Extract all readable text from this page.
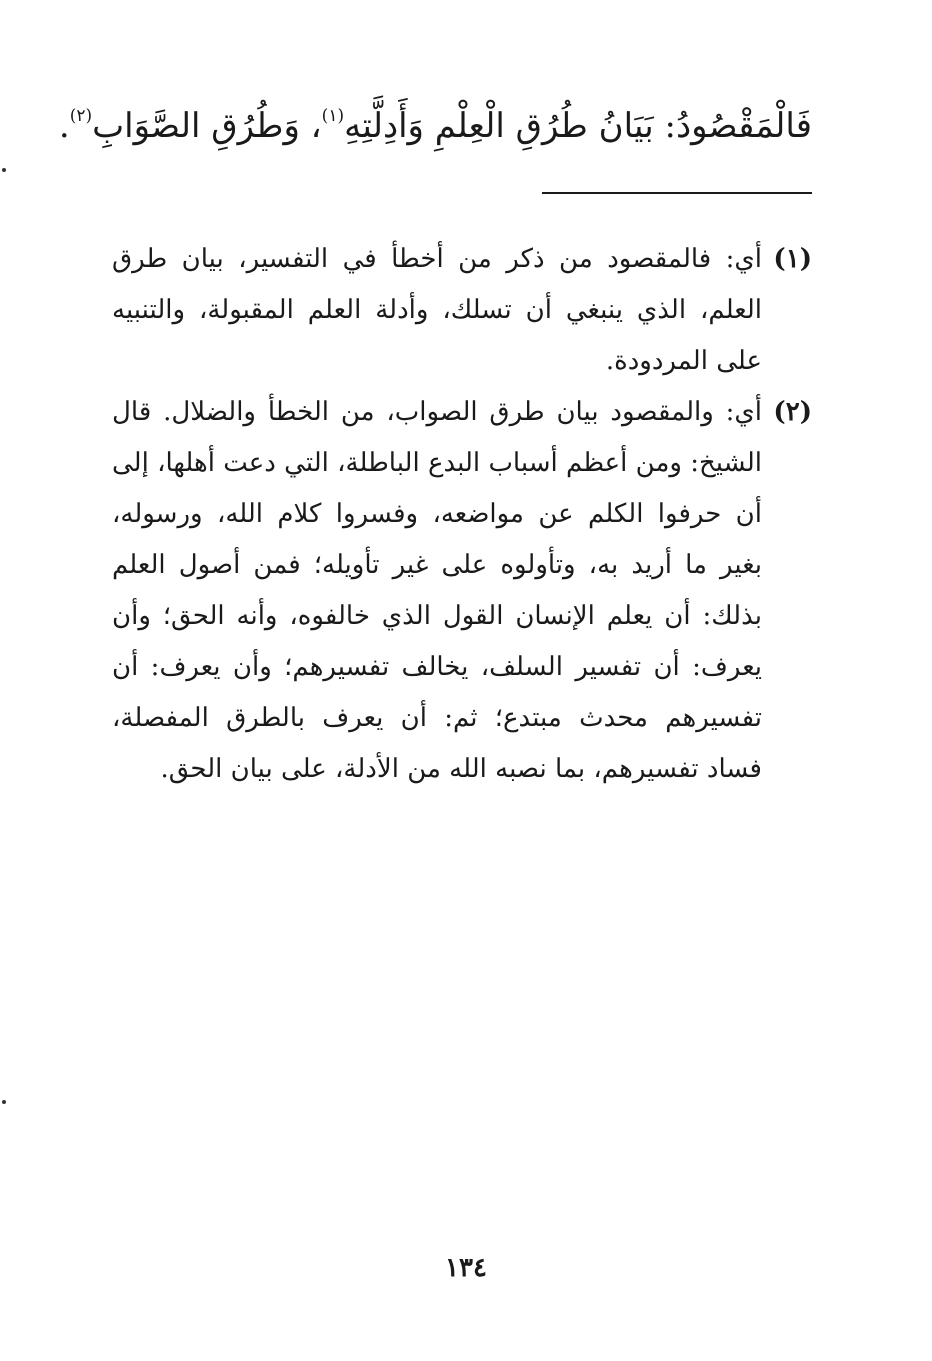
فَالْمَقْصُودُ: بَيَانُ طُرُقِ الْعِلْمِ وَأَدِلَّتِهِ$^{(١)}$، وَطُرُقِ الصَّوَابِ$^{(٢)}$.
(١)
أي: فالمقصود من ذكر من أخطأ في التفسير، بيان طرق العلم، الذي ينبغي أن تسلك، وأدلة العلم المقبولة، والتنبيه على المردودة.
(٢)
أي: والمقصود بيان طرق الصواب، من الخطأ والضلال. قال الشيخ: ومن أعظم أسباب البدع الباطلة، التي دعت أهلها، إلى أن حرفوا الكلم عن مواضعه، وفسروا كلام الله، ورسوله، بغير ما أريد به، وتأولوه على غير تأويله؛ فمن أصول العلم بذلك: أن يعلم الإنسان القول الذي خالفوه، وأنه الحق؛ وأن يعرف: أن تفسير السلف، يخالف تفسيرهم؛ وأن يعرف: أن تفسيرهم محدث مبتدع؛ ثم: أن يعرف بالطرق المفصلة، فساد تفسيرهم، بما نصبه الله من الأدلة، على بيان الحق.
١٣٤
